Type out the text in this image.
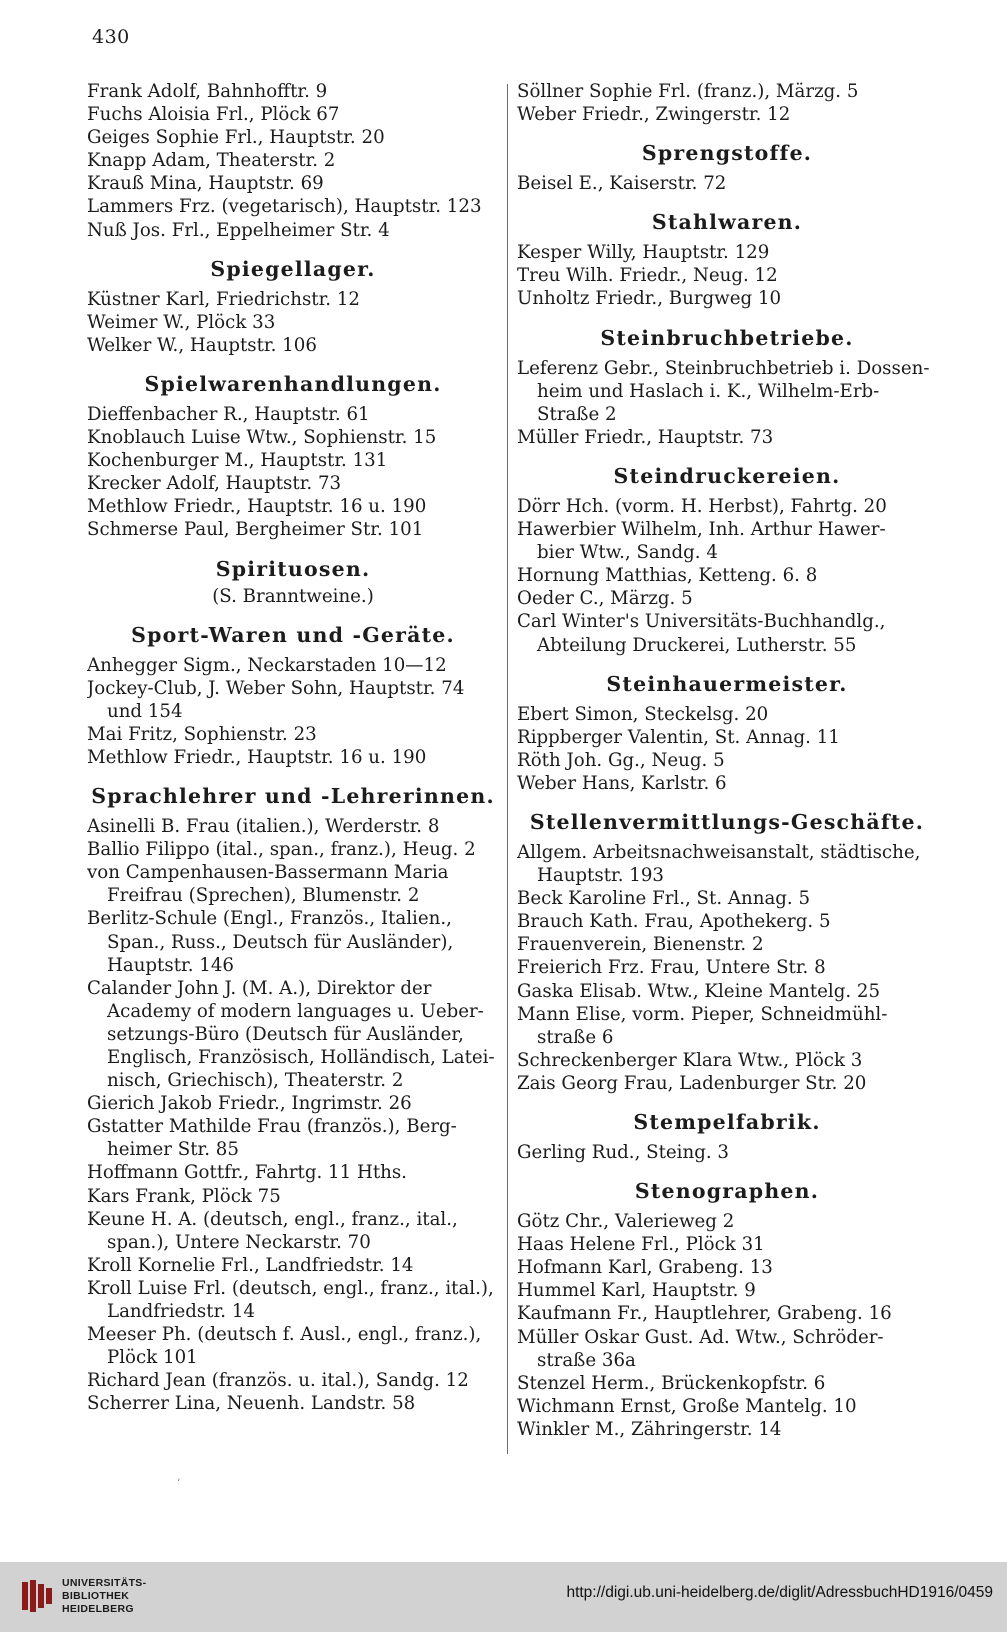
430
Frank Adolf, Bahnhofftr. 9
Fuchs Aloisia Frl., Plöck 67
Geiges Sophie Frl., Hauptstr. 20
Knapp Adam, Theaterstr. 2
Krauß Mina, Hauptstr. 69
Lammers Frz. (vegetarisch), Hauptstr. 123
Nuß Jos. Frl., Eppelheimer Str. 4
Spiegellager.
Küstner Karl, Friedrichstr. 12
Weimer W., Plöck 33
Welker W., Hauptstr. 106
Spielwarenhandlungen.
Dieffenbacher R., Hauptstr. 61
Knoblauch Luise Wtw., Sophienstr. 15
Kochenburger M., Hauptstr. 131
Krecker Adolf, Hauptstr. 73
Methlow Friedr., Hauptstr. 16 u. 190
Schmerse Paul, Bergheimer Str. 101
Spirituosen.
(S. Branntweine.)
Sport-Waren und -Geräte.
Anhegger Sigm., Neckarstaden 10—12
Jockey-Club, J. Weber Sohn, Hauptstr. 74
und 154
Mai Fritz, Sophienstr. 23
Methlow Friedr., Hauptstr. 16 u. 190
Sprachlehrer und -Lehrerinnen.
Asinelli B. Frau (italien.), Werderstr. 8
Ballio Filippo (ital., span., franz.), Heug. 2
von Campenhausen-Bassermann Maria
Freifrau (Sprechen), Blumenstr. 2
Berlitz-Schule (Engl., Französ., Italien.,
Span., Russ., Deutsch für Ausländer),
Hauptstr. 146
Calander John J. (M. A.), Direktor der
Academy of modern languages u. Ueber-
setzungs-Büro (Deutsch für Ausländer,
Englisch, Französisch, Holländisch, Latei-
nisch, Griechisch), Theaterstr. 2
Gierich Jakob Friedr., Ingrimstr. 26
Gstatter Mathilde Frau (französ.), Berg-
heimer Str. 85
Hoffmann Gottfr., Fahrtg. 11 Hths.
Kars Frank, Plöck 75
Keune H. A. (deutsch, engl., franz., ital.,
span.), Untere Neckarstr. 70
Kroll Kornelie Frl., Landfriedstr. 14
Kroll Luise Frl. (deutsch, engl., franz., ital.),
Landfriedstr. 14
Meeser Ph. (deutsch f. Ausl., engl., franz.),
Plöck 101
Richard Jean (französ. u. ital.), Sandg. 12
Scherrer Lina, Neuenh. Landstr. 58
Söllner Sophie Frl. (franz.), Märzg. 5
Weber Friedr., Zwingerstr. 12
Sprengstoffe.
Beisel E., Kaiserstr. 72
Stahlwaren.
Kesper Willy, Hauptstr. 129
Treu Wilh. Friedr., Neug. 12
Unholtz Friedr., Burgweg 10
Steinbruchbetriebe.
Leferenz Gebr., Steinbruchbetrieb i. Dossen-
heim und Haslach i. K., Wilhelm-Erb-
Straße 2
Müller Friedr., Hauptstr. 73
Steindruckereien.
Dörr Hch. (vorm. H. Herbst), Fahrtg. 20
Hawerbier Wilhelm, Inh. Arthur Hawer-
bier Wtw., Sandg. 4
Hornung Matthias, Ketteng. 6. 8
Oeder C., Märzg. 5
Carl Winter's Universitäts-Buchhandlg.,
Abteilung Druckerei, Lutherstr. 55
Steinhauermeister.
Ebert Simon, Steckelsg. 20
Rippberger Valentin, St. Annag. 11
Röth Joh. Gg., Neug. 5
Weber Hans, Karlstr. 6
Stellenvermittlungs-Geschäfte.
Allgem. Arbeitsnachweisanstalt, städtische,
Hauptstr. 193
Beck Karoline Frl., St. Annag. 5
Brauch Kath. Frau, Apothekerg. 5
Frauenverein, Bienenstr. 2
Freierich Frz. Frau, Untere Str. 8
Gaska Elisab. Wtw., Kleine Mantelg. 25
Mann Elise, vorm. Pieper, Schneidmühl-
straße 6
Schreckenberger Klara Wtw., Plöck 3
Zais Georg Frau, Ladenburger Str. 20
Stempelfabrik.
Gerling Rud., Steing. 3
Stenographen.
Götz Chr., Valerieweg 2
Haas Helene Frl., Plöck 31
Hofmann Karl, Grabeng. 13
Hummel Karl, Hauptstr. 9
Kaufmann Fr., Hauptlehrer, Grabeng. 16
Müller Oskar Gust. Ad. Wtw., Schröder-
straße 36a
Stenzel Herm., Brückenkopfstr. 6
Wichmann Ernst, Große Mantelg. 10
Winkler M., Zähringerstr. 14
‘
UNIVERSITÄTS-
BIBLIOTHEK
HEIDELBERG
http://digi.ub.uni-heidelberg.de/diglit/AdressbuchHD1916/0459
